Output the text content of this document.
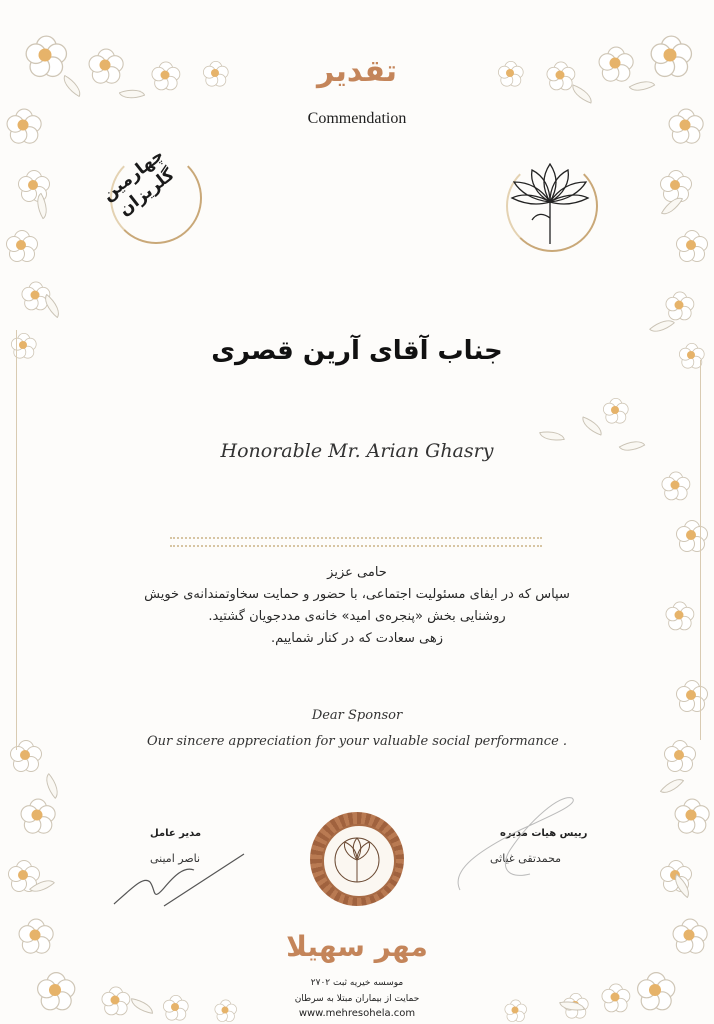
تقدیر
Commendation
چهارمین گلریزان
جناب آقای آرین قصری
Honorable Mr. Arian Ghasry
حامی عزیز
سپاس که در ایفای مسئولیت اجتماعی، با حضور و حمایت سخاوتمندانه‌ی خویش
روشنایی بخش «پنجره‌ی امید» خانه‌ی مددجویان گشتید.
زهی سعادت که در کنار شماییم.
Dear Sponsor
Our sincere appreciation for your valuable social performance .
مدیر عامل
ناصر امینی
رییس هیات مدیره
محمدتقی غیاثی
مهر سهیلا
موسسه خیریه ثبت ۲۷۰۲
حمایت از بیماران مبتلا به سرطان
www.mehresohela.com
